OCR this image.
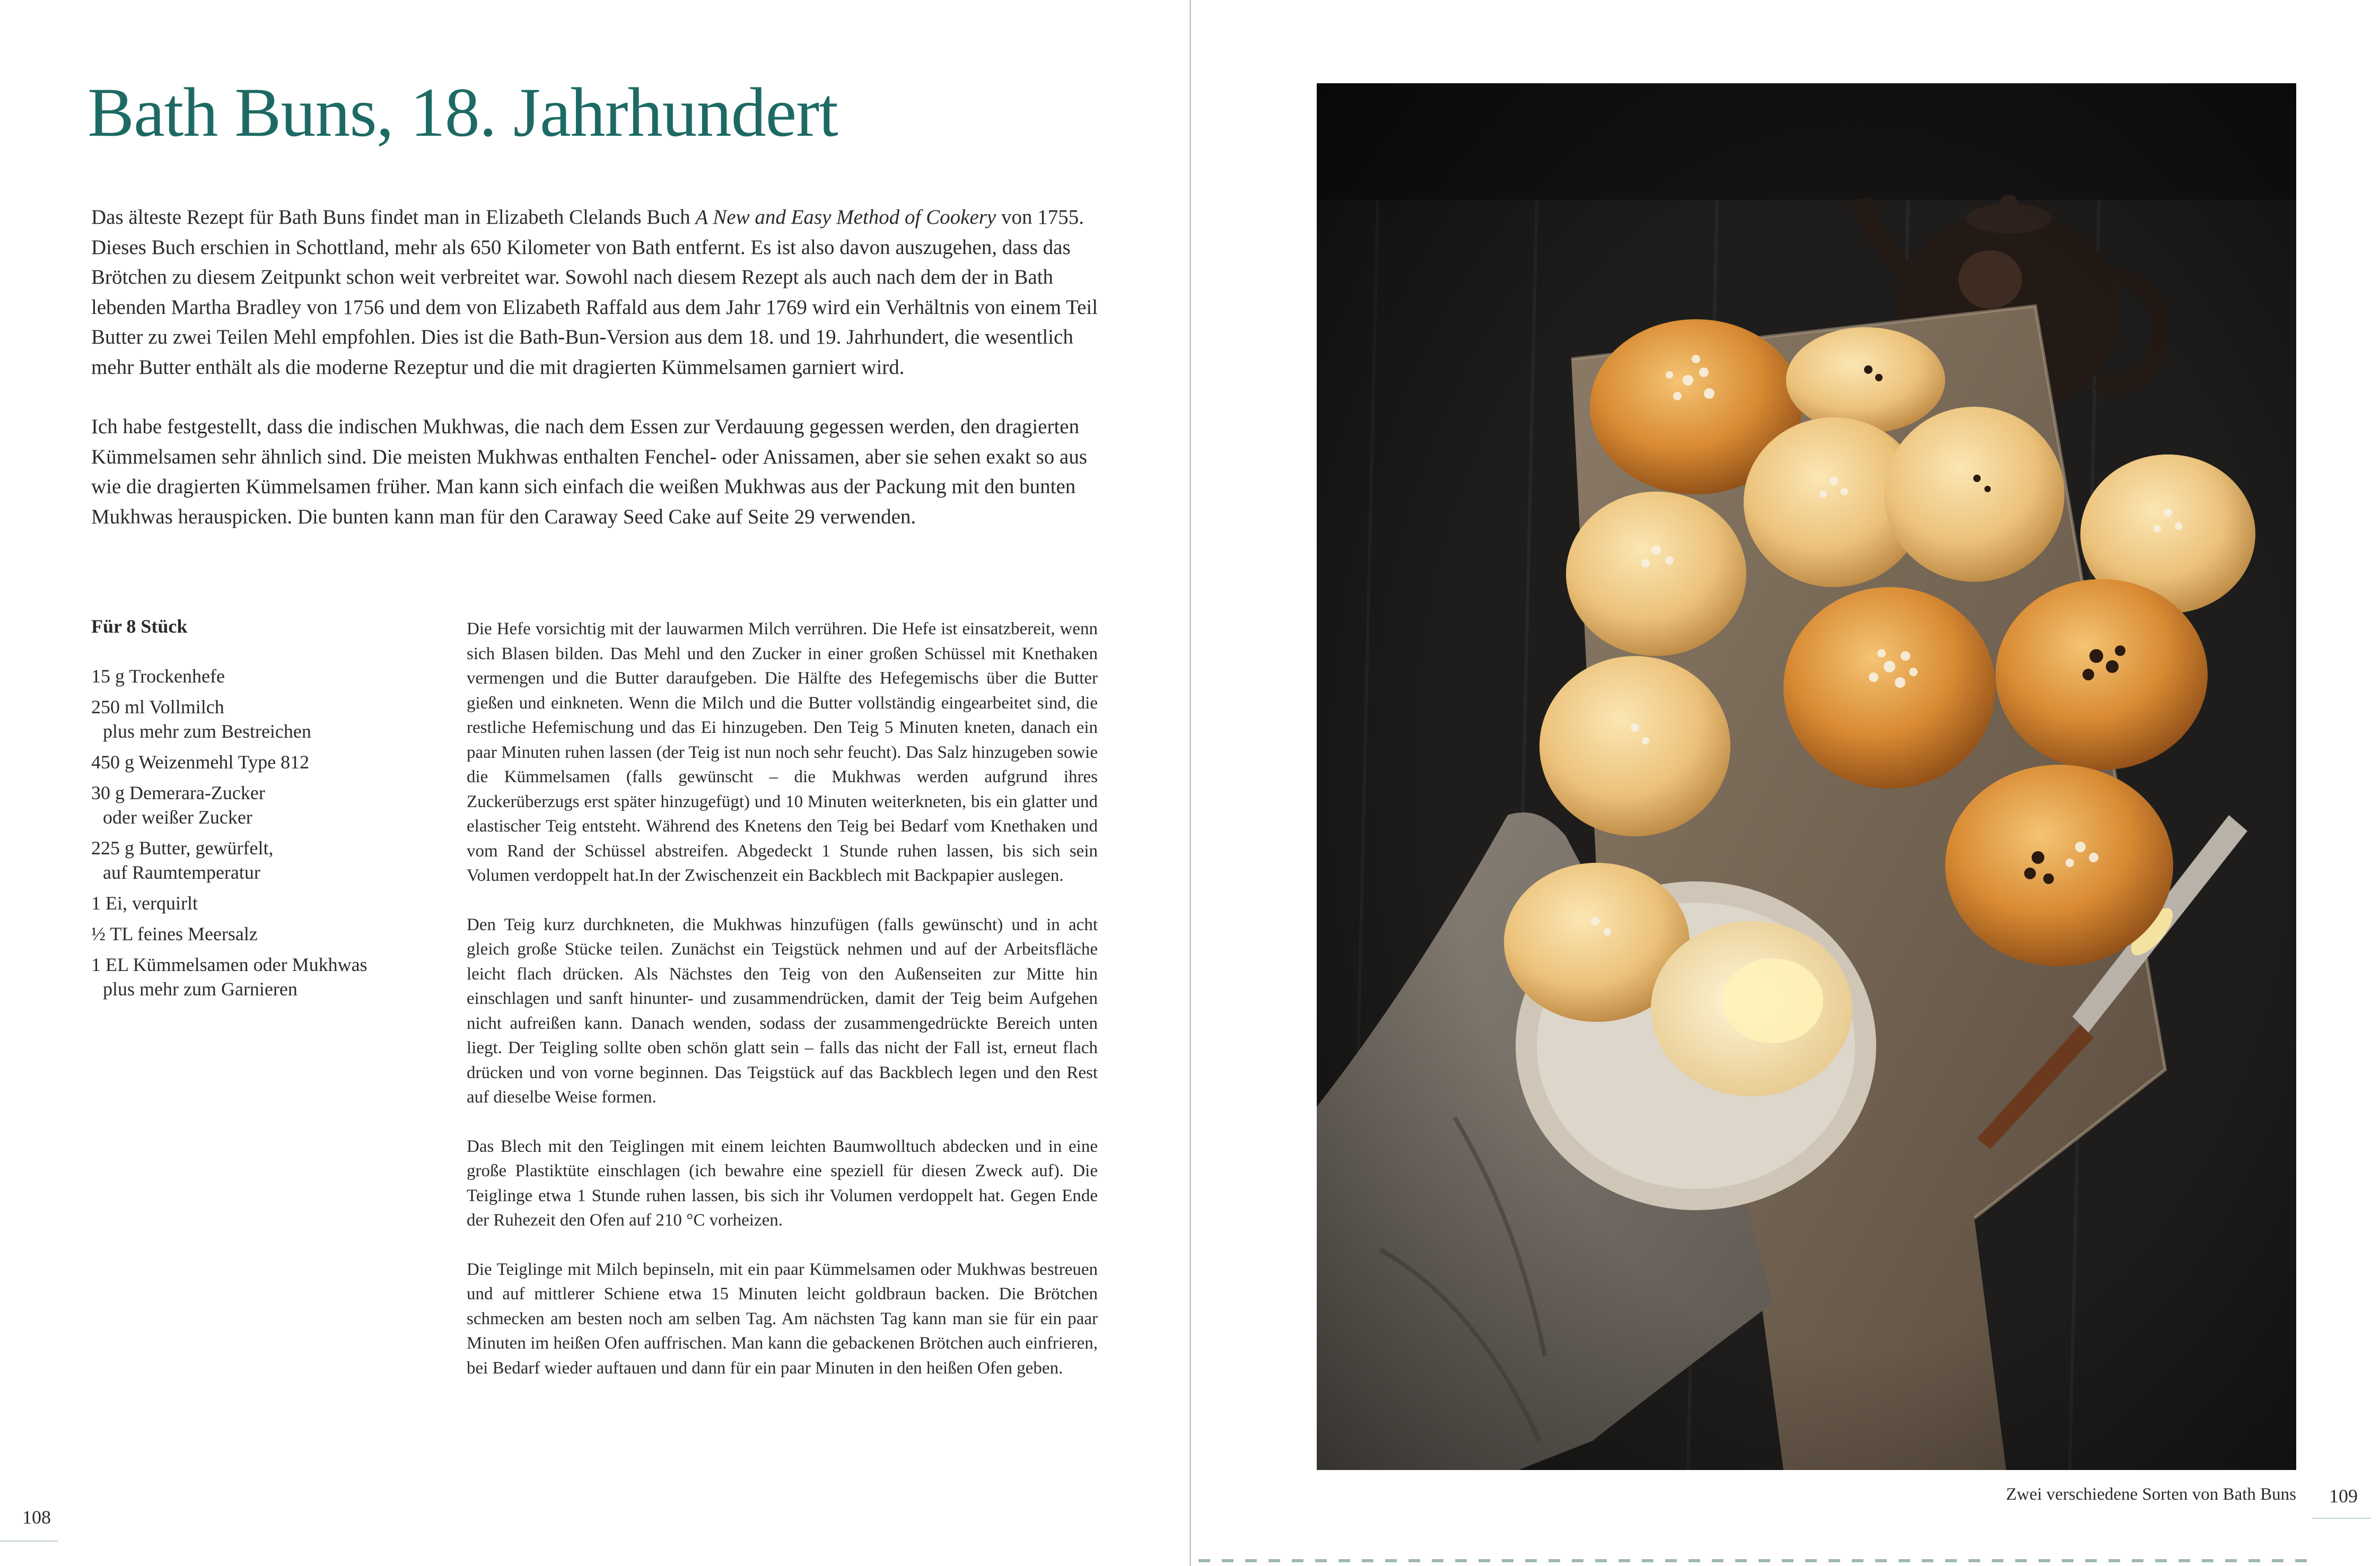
Bath Buns, 18. Jahrhundert

Das älteste Rezept für Bath Buns findet man in Elizabeth Clelands Buch A New and Easy Method of Cookery von 1755. Dieses Buch erschien in Schottland, mehr als 650 Kilometer von Bath entfernt. Es ist also davon auszugehen, dass das Brötchen zu diesem Zeitpunkt schon weit verbreitet war. Sowohl nach diesem Rezept als auch nach dem der in Bath lebenden Martha Bradley von 1756 und dem von Elizabeth Raffald aus dem Jahr 1769 wird ein Verhältnis von einem Teil Butter zu zwei Teilen Mehl empfohlen. Dies ist die Bath-Bun-Version aus dem 18. und 19. Jahrhundert, die wesentlich mehr Butter enthält als die moderne Rezeptur und die mit dragierten Kümmelsamen garniert wird.

Ich habe festgestellt, dass die indischen Mukhwas, die nach dem Essen zur Verdauung gegessen werden, den dragierten Kümmelsamen sehr ähnlich sind. Die meisten Mukhwas enthalten Fenchel- oder Anissamen, aber sie sehen exakt so aus wie die dragierten Kümmelsamen früher. Man kann sich einfach die weißen Mukhwas aus der Packung mit den bunten Mukhwas herauspicken. Die bunten kann man für den Caraway Seed Cake auf Seite 29 verwenden.

Für 8 Stück
15 g Trockenhefe
250 ml Vollmilch
plus mehr zum Bestreichen
450 g Weizenmehl Type 812
30 g Demerara-Zucker
oder weißer Zucker
225 g Butter, gewürfelt,
auf Raumtemperatur
1 Ei, verquirlt
½ TL feines Meersalz
1 EL Kümmelsamen oder Mukhwas
plus mehr zum Garnieren

Die Hefe vorsichtig mit der lauwarmen Milch verrühren. Die Hefe ist einsatzbereit, wenn sich Blasen bilden. Das Mehl und den Zucker in einer großen Schüssel mit Knethaken vermengen und die Butter daraufgeben. Die Hälfte des Hefegemischs über die Butter gießen und einkneten. Wenn die Milch und die Butter vollständig eingearbeitet sind, die restliche Hefemischung und das Ei hinzugeben. Den Teig 5 Minuten kneten, danach ein paar Minuten ruhen lassen (der Teig ist nun noch sehr feucht). Das Salz hinzugeben sowie die Kümmelsamen (falls gewünscht – die Mukhwas werden aufgrund ihres Zuckerüberzugs erst später hinzugefügt) und 10 Minuten weiterkneten, bis ein glatter und elastischer Teig entsteht. Während des Knetens den Teig bei Bedarf vom Knethaken und vom Rand der Schüssel abstreifen. Abgedeckt 1 Stunde ruhen lassen, bis sich sein Volumen verdoppelt hat.In der Zwischenzeit ein Backblech mit Backpapier auslegen.

Den Teig kurz durchkneten, die Mukhwas hinzufügen (falls gewünscht) und in acht gleich große Stücke teilen. Zunächst ein Teigstück nehmen und auf der Arbeitsfläche leicht flach drücken. Als Nächstes den Teig von den Außenseiten zur Mitte hin einschlagen und sanft hinunter- und zusammendrücken, damit der Teig beim Aufgehen nicht aufreißen kann. Danach wenden, sodass der zusammengedrückte Bereich unten liegt. Der Teigling sollte oben schön glatt sein – falls das nicht der Fall ist, erneut flach drücken und von vorne beginnen. Das Teigstück auf das Backblech legen und den Rest auf dieselbe Weise formen.

Das Blech mit den Teiglingen mit einem leichten Baumwolltuch abdecken und in eine große Plastiktüte einschlagen (ich bewahre eine speziell für diesen Zweck auf). Die Teiglinge etwa 1 Stunde ruhen lassen, bis sich ihr Volumen verdoppelt hat. Gegen Ende der Ruhezeit den Ofen auf 210 °C vorheizen.

Die Teiglinge mit Milch bepinseln, mit ein paar Kümmelsamen oder Mukhwas bestreuen und auf mittlerer Schiene etwa 15 Minuten leicht goldbraun backen. Die Brötchen schmecken am besten noch am selben Tag. Am nächsten Tag kann man sie für ein paar Minuten im heißen Ofen auffrischen. Man kann die gebackenen Brötchen auch einfrieren, bei Bedarf wieder auftauen und dann für ein paar Minuten in den heißen Ofen geben.

108
Zwei verschiedene Sorten von Bath Buns 109
